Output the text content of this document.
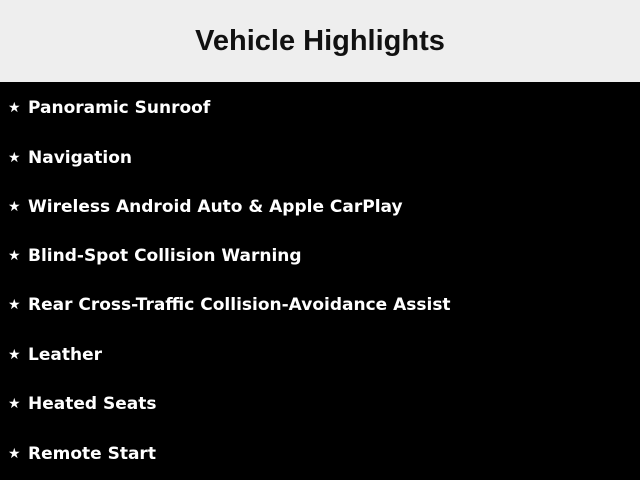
Vehicle Highlights
★ Panoramic Sunroof
★ Navigation
★ Wireless Android Auto & Apple CarPlay
★ Blind-Spot Collision Warning
★ Rear Cross-Traffic Collision-Avoidance Assist
★ Leather
★ Heated Seats
★ Remote Start
